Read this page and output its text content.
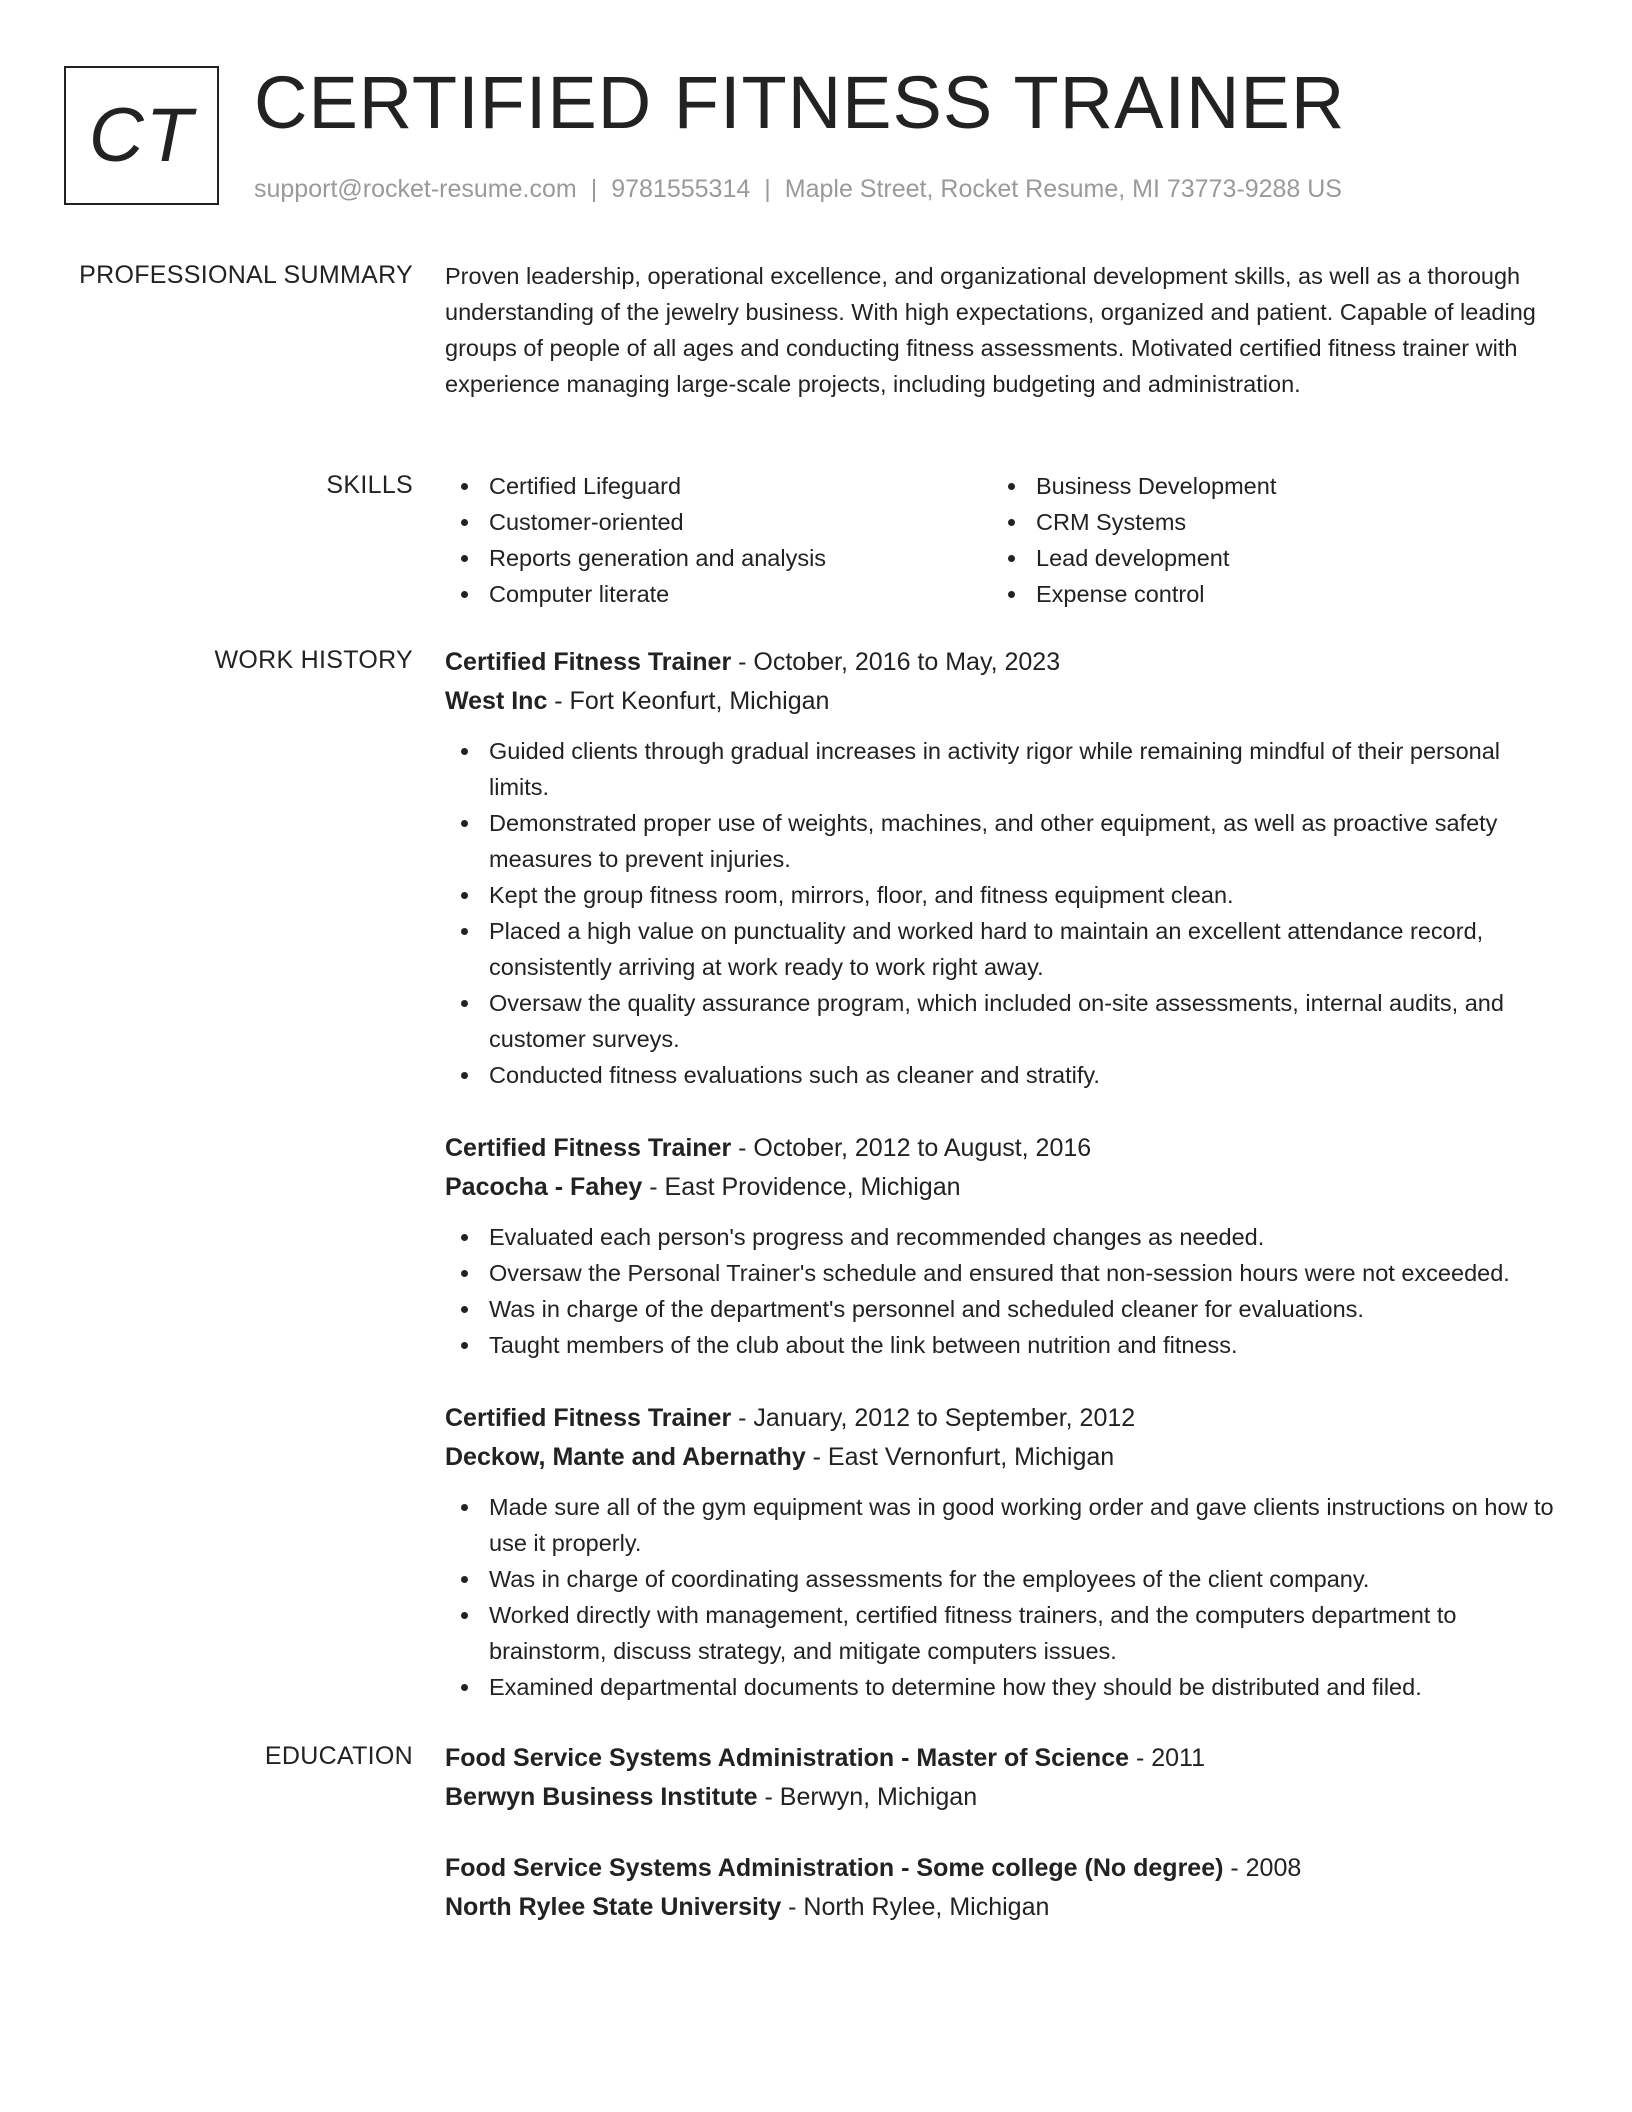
CT CERTIFIED FITNESS TRAINER
support@rocket-resume.com | 9781555314 | Maple Street, Rocket Resume, MI 73773-9288 US
PROFESSIONAL SUMMARY Proven leadership, operational excellence, and organizational development skills, as well as a thorough understanding of the jewelry business. With high expectations, organized and patient. Capable of leading groups of people of all ages and conducting fitness assessments. Motivated certified fitness trainer with experience managing large-scale projects, including budgeting and administration.

SKILLS	Certified Lifeguard
Customer-oriented
Reports generation and analysis
Computer literate
Business Development
CRM Systems
Lead development
Expense control
WORK HISTORY Certified Fitness Trainer - October, 2016 to May, 2023
West Inc - Fort Keonfurt, Michigan
Guided clients through gradual increases in activity rigor while remaining mindful of their personal limits.
Demonstrated proper use of weights, machines, and other equipment, as well as proactive safety measures to prevent injuries.
Kept the group fitness room, mirrors, floor, and fitness equipment clean.
Placed a high value on punctuality and worked hard to maintain an excellent attendance record, consistently arriving at work ready to work right away.
Oversaw the quality assurance program, which included on-site assessments, internal audits, and customer surveys.
Conducted fitness evaluations such as cleaner and stratify.
Certified Fitness Trainer - October, 2012 to August, 2016
Pacocha - Fahey - East Providence, Michigan
Evaluated each person's progress and recommended changes as needed.
Oversaw the Personal Trainer's schedule and ensured that non-session hours were not exceeded.
Was in charge of the department's personnel and scheduled cleaner for evaluations.
Taught members of the club about the link between nutrition and fitness.
Certified Fitness Trainer - January, 2012 to September, 2012
Deckow, Mante and Abernathy - East Vernonfurt, Michigan
Made sure all of the gym equipment was in good working order and gave clients instructions on how to use it properly.
Was in charge of coordinating assessments for the employees of the client company.
Worked directly with management, certified fitness trainers, and the computers department to brainstorm, discuss strategy, and mitigate computers issues.
Examined departmental documents to determine how they should be distributed and filed.
EDUCATION Food Service Systems Administration - Master of Science - 2011
Berwyn Business Institute - Berwyn, Michigan
Food Service Systems Administration - Some college (No degree) - 2008
North Rylee State University - North Rylee, Michigan
